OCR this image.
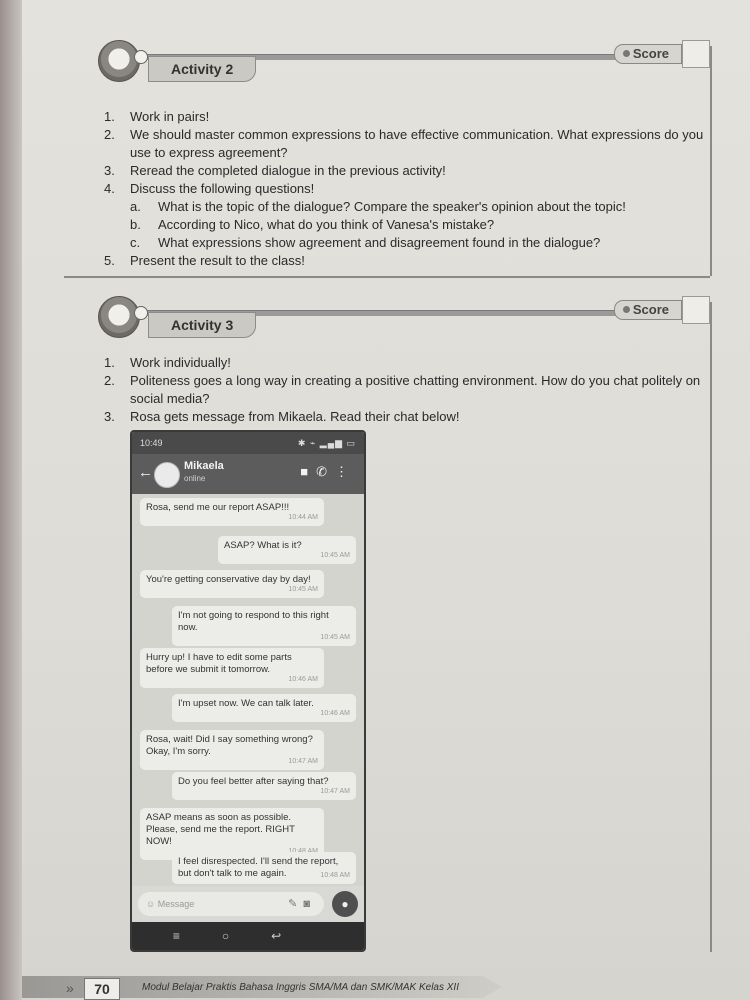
Activity 2
Score
1. Work in pairs!
2. We should master common expressions to have effective communication. What expressions do you use to express agreement?
3. Reread the completed dialogue in the previous activity!
4. Discuss the following questions!
a. What is the topic of the dialogue? Compare the speaker's opinion about the topic!
b. According to Nico, what do you think of Vanesa's mistake?
c. What expressions show agreement and disagreement found in the dialogue?
5. Present the result to the class!
Activity 3
Score
1. Work individually!
2. Politeness goes a long way in creating a positive chatting environment. How do you chat politely on social media?
3. Rosa gets message from Mikaela. Read their chat below!
10:49	✱ ⌁ ▂▄▆ ▭
←	Mikaela
online	■✆⋮
Rosa, send me our report ASAP!!!
10:44 AM
ASAP? What is it?
10:45 AM
You're getting conservative day by day!
10:45 AM
I'm not going to respond to this right now.
10:45 AM
Hurry up! I have to edit some parts before we submit it tomorrow.
10:46 AM
I'm upset now. We can talk later.
10:46 AM
Rosa, wait! Did I say something wrong? Okay, I'm sorry.
10:47 AM
Do you feel better after saying that?
10:47 AM
ASAP means as soon as possible. Please, send me the report. RIGHT NOW!
I feel disrespected. I'll send the report, but don't talk to me again.	10:48 AM
☺ Message	✎◙	●
≡○↩
»	70	Modul Belajar Praktis Bahasa Inggris SMA/MA dan SMK/MAK Kelas XII
